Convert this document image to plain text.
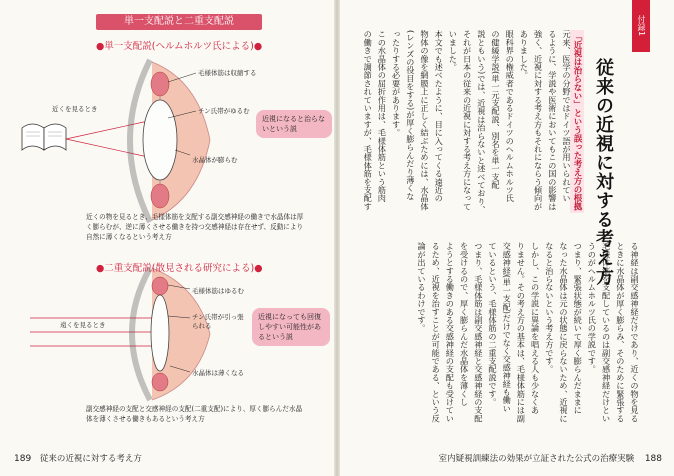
単一支配説と二重支配説
●単一支配説(ヘルムホルツ氏による)●
近くを見るとき
毛様体筋は収縮する
チン氏帯がゆるむ
水晶体が膨らむ
近視になると治らないという説
近くの物を見るとき、毛様体筋を支配する副交感神経の働きで水晶体は厚く膨らむが、逆に薄くさせる働きを持つ交感神経は存在せず、反動により自然に薄くなるという考え方
●二重支配説(散見される研究による)●
遠くを見るとき
毛様体筋はゆるむ
チン氏帯が引っ張られる
水晶体は薄くなる
近視になっても回復しやすい可能性があるという説
副交感神経の支配と交感神経の支配(二重支配)により、厚く膨らんだ水晶体を薄くさせる働きもあるという考え方
189 従来の近視に対する考え方
付録1
従来の近視に対する考え方
「近視は治らない」という誤った考え方の根拠
元来、医学の分野ではドイツ語が用いられてい
るように、学説や医術においてもこの国の影響は
強く、近視に対する考え方もそれにならう傾向が
ありました。
眼科界の権威者であるドイツのヘルムホルツ氏
の健緩学説(単一元支配説、別名を単一支配
説ともいう)では、近視は治らないと述べており、
それが日本の従来の近視に対する考え方になって
いました。
本文でも述べたように、目に入ってくる遠近の
物体の像を網膜上に正しく結ぶためには、水晶体
(レンズの役目をする)が厚く膨らんだり薄くな
ったりする必要があります。
この水晶体の屈折作用は、毛様体筋という筋肉
の働きで調節されていますが、毛様体筋を支配す
る神経は副交感神経だけであり、近くの物を見る
ときに水晶体が厚く膨らみ、そのために緊張する
毛様体筋を支配しているのは副交感神経だけとい
うのがヘルムホルツ氏の学説です。
つまり、緊張状態が続いて厚く膨らんだままに
なった水晶体は元の状態に戻らないため、近視に
なると治らないという考え方です。
しかし、この学説に異論を唱える人も少なくあ
りません。その考え方の基本は、毛様体筋には副
交感神経(単一支配)だけでなく交感神経も働い
ているという、毛様体筋の二重支配説です。
つまり、毛様体筋は副交感神経と交感神経の支配
を受けるので、厚く膨らんだ水晶体を薄くし
ようとする働きのある交感神経の支配も受けてい
るため、近視を治すことが可能である、という反
論が出ているわけです。
室内疑視訓練法の効果が立証された公式の治療実験 188
